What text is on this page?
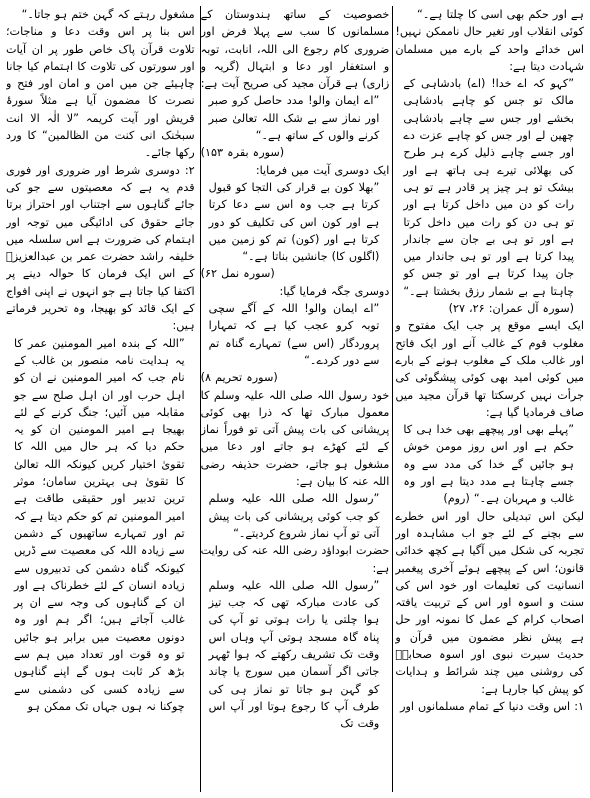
ہے اور حکم بھی اسی کا چلتا ہے۔“
کوئی انقلاب اور تغیر حال ناممکن نہیں! اس خدائے واحد کے بارے میں مسلمان شہادت دیتا ہے:
”کہو کہ اے خدا! (اے) بادشاہی کے مالک تو جس کو چاہے بادشاہی بخشے اور جس سے چاہے بادشاہی چھین لے اور جس کو چاہے عزت دے اور جسے چاہے ذلیل کرے ہر طرح کی بھلائی تیرے ہی ہاتھ ہے اور بیشک تو ہر چیز پر قادر ہے تو ہی رات کو دن میں داخل کرتا ہے اور تو ہی دن کو رات میں داخل کرتا ہے اور تو ہی بے جان سے جاندار پیدا کرتا ہے اور تو ہی جاندار میں جان پیدا کرتا ہے اور تو جس کو چاہتا ہے بے شمار رزق بخشتا ہے۔“ (سورہ آل عمران: ۲۶، ۲۷)
ایک ایسے موقع پر جب ایک مفتوح و مغلوب قوم کے غالب آنے اور ایک فاتح اور غالب ملک کے مغلوب ہونے کے بارے میں کوئی امید بھی کوئی پیشگوئی کی جرأت نہیں کرسکتا تھا قرآن مجید میں صاف فرمادیا گیا ہے:
”پہلے بھی اور پیچھے بھی خدا ہی کا حکم ہے اور اس روز مومن خوش ہو جائیں گے خدا کی مدد سے وہ جسے چاہتا ہے مدد دیتا ہے اور وہ غالب و مہربان ہے۔“ (روم)
لیکن اس تبدیلی حال اور اس خطرے سے بچنے کے لئے جو اب مشاہدہ اور تجربہ کی شکل میں آگیا ہے کچھ خدائی قانون؛ اس کے پیچھے ہوئے آخری پیغمبر انسانیت کی تعلیمات اور خود اس کی سنت و اسوہ اور اس کے تربیت یافتہ اصحاب کرام کے عمل کا نمونہ اور حل ہے پیش نظر مضمون میں قرآن و حدیث سیرت نبوی اور اسوہ صحابہؓ کی روشنی میں چند شرائط و ہدایات کو پیش کیا جارہا ہے:
۱: اس وقت دنیا کے تمام مسلمانوں اور
خصوصیت کے ساتھ ہندوستان کے مسلمانوں کا سب سے پہلا فرض اور ضروری کام رجوع الی اللہ، انابت، توبہ و استغفار اور دعا و ابتہال (گریہ و زاری) ہے قرآن مجید کی صریح آیت ہے:
”اے ایمان والو! مدد حاصل کرو صبر اور نماز سے بے شک اللہ تعالیٰ صبر کرنے والوں کے ساتھ ہے۔“
(سورہ بقرہ ۱۵۳)
ایک دوسری آیت میں فرمایا:
”بھلا کون بے قرار کی التجا کو قبول کرتا ہے جب وہ اس سے دعا کرتا ہے اور کون اس کی تکلیف کو دور کرتا ہے اور (کون) تم کو زمین میں (اگلوں کا) جانشین بناتا ہے۔“
(سورہ نمل ۶۲)
دوسری جگہ فرمایا گیا:
”اے ایمان والو! اللہ کے آگے سچی توبہ کرو عجب کیا ہے کہ تمہارا پروردگار (اس سے) تمہارے گناہ تم سے دور کردے۔“
(سورہ تحریم ۸)
خود رسول اللہ صلی اللہ علیہ وسلم کا معمول مبارک تھا کہ ذرا بھی کوئی پریشانی کی بات پیش آتی تو فوراً نماز کے لئے کھڑے ہو جاتے اور دعا میں مشغول ہو جاتے، حضرت حذیفہ رضی اللہ عنہ کا بیان ہے:
”رسول اللہ صلی اللہ علیہ وسلم کو جب کوئی پریشانی کی بات پیش آتی تو آپ نماز شروع کردیتے۔“
حضرت ابوداؤد رضی اللہ عنہ کی روایت ہے:
”رسول اللہ صلی اللہ علیہ وسلم کی عادت مبارکہ تھی کہ جب تیز ہوا چلتی یا رات ہوتی تو آپ کی پناہ گاہ مسجد ہوتی آپ وہاں اس وقت تک تشریف رکھتے کہ ہوا ٹھہر جاتی اگر آسمان میں سورج یا چاند کو گہن ہو جاتا تو نماز ہی کی طرف آپ کا رجوع ہوتا اور آپ اس وقت تک
مشغول رہتے کہ گہن ختم ہو جاتا۔“
اس بنا پر اس وقت دعا و مناجات؛ تلاوت قرآن پاک خاص طور پر ان آیات اور سورتوں کی تلاوت کا اہتمام کیا جانا چاہیئے جن میں امن و امان اور فتح و نصرت کا مضمون آیا ہے مثلاً سورۂ قریش اور آیت کریمہ ”لا الٰہ الا انت سبحٰنک انی کنت من الظالمین“ کا ورد رکھا جائے۔
۲: دوسری شرط اور ضروری اور فوری قدم یہ ہے کہ معصیتوں سے جو کی جائے گناہوں سے اجتناب اور احتراز برتا جائے حقوق کی ادائیگی میں توجہ اور اہتمام کی ضرورت ہے اس سلسلہ میں خلیفہ راشد حضرت عمر بن عبدالعزیزؒ کے اس ایک فرمان کا حوالہ دینے پر اکتفا کیا جاتا ہے جو انہوں نے اپنی افواج کے ایک قائد کو بھیجا، وہ تحریر فرماتے ہیں:
”اللہ کے بندہ امیر المومنین عمر کا یہ ہدایت نامہ منصور بن غالب کے نام جب کہ امیر المومنین نے ان کو اہل حرب اور ان اہل صلح سے جو مقابلہ میں آئیں؛ جنگ کرنے کے لئے بھیجا ہے امیر المومنین ان کو یہ حکم دیا کہ ہر حال میں اللہ کا تقویٰ اختیار کریں کیونکہ اللہ تعالیٰ کا تقویٰ ہی بہترین سامان؛ موثر ترین تدبیر اور حقیقی طاقت ہے امیر المومنین تم کو حکم دیتا ہے کہ تم اور تمہارے ساتھیوں کے دشمن سے زیادہ اللہ کی معصیت سے ڈریں کیونکہ گناہ دشمن کی تدبیروں سے زیادہ انسان کے لئے خطرناک ہے اور ان کے گناہوں کی وجہ سے ان پر غالب آجاتے ہیں؛ اگر ہم اور وہ دونوں معصیت میں برابر ہو جائیں تو وہ قوت اور تعداد میں ہم سے بڑھ کر ثابت ہوں گے اپنے گناہوں سے زیادہ کسی کی دشمنی سے چوکنا نہ ہوں جہاں تک ممکن ہو
